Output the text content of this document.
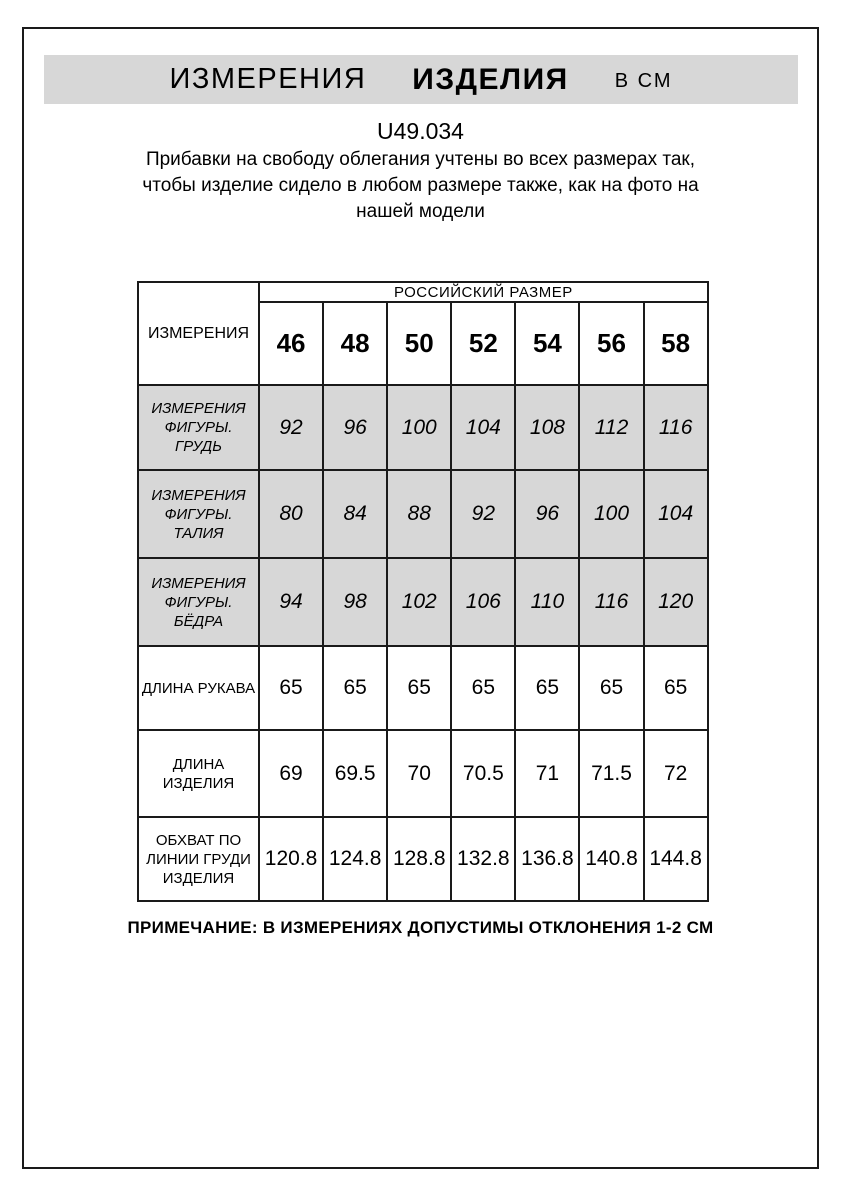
ИЗМЕРЕНИЯ ИЗДЕЛИЯ В СМ
U49.034
Прибавки на свободу облегания учтены во всех размерах так,
чтобы изделие сидело в любом размере также, как на фото на
нашей модели
ИЗМЕРЕНИЯ	РОССИЙСКИЙ РАЗМЕР						
	46	48	50	52	54	56	58
ИЗМЕРЕНИЯ ФИГУРЫ. ГРУДЬ	92	96	100	104	108	112	116
ИЗМЕРЕНИЯ ФИГУРЫ. ТАЛИЯ	80	84	88	92	96	100	104
ИЗМЕРЕНИЯ ФИГУРЫ. БЁДРА	94	98	102	106	110	116	120
ДЛИНА РУКАВА	65	65	65	65	65	65	65
ДЛИНА ИЗДЕЛИЯ	69	69.5	70	70.5	71	71.5	72
ОБХВАТ ПО ЛИНИИ ГРУДИ ИЗДЕЛИЯ	120.8	124.8	128.8	132.8	136.8	140.8	144.8
ПРИМЕЧАНИЕ: В ИЗМЕРЕНИЯХ ДОПУСТИМЫ ОТКЛОНЕНИЯ 1-2 СМ
